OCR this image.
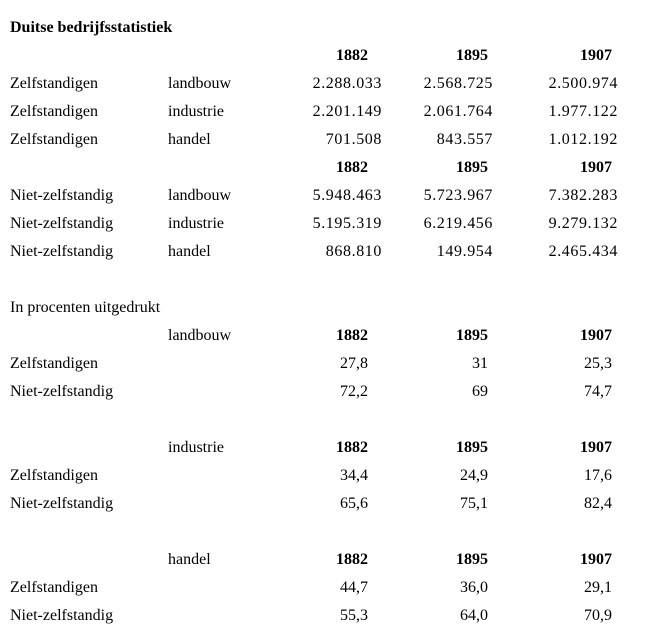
Duitse bedrijfsstatistiek
1882	1895	1907
Zelfstandigen	landbouw	2.288.033	2.568.725	2.500.974
Zelfstandigen	industrie	2.201.149	2.061.764	1.977.122
Zelfstandigen	handel	701.508	843.557	1.012.192
1882	1895	1907
Niet-zelfstandig	landbouw	5.948.463	5.723.967	7.382.283
Niet-zelfstandig	industrie	5.195.319	6.219.456	9.279.132
Niet-zelfstandig	handel	868.810	149.954	2.465.434
In procenten uitgedrukt
landbouw	1882	1895	1907
Zelfstandigen	27,8	31	25,3
Niet-zelfstandig	72,2	69	74,7
industrie	1882	1895	1907
Zelfstandigen	34,4	24,9	17,6
Niet-zelfstandig	65,6	75,1	82,4
handel	1882	1895	1907
Zelfstandigen	44,7	36,0	29,1
Niet-zelfstandig	55,3	64,0	70,9
